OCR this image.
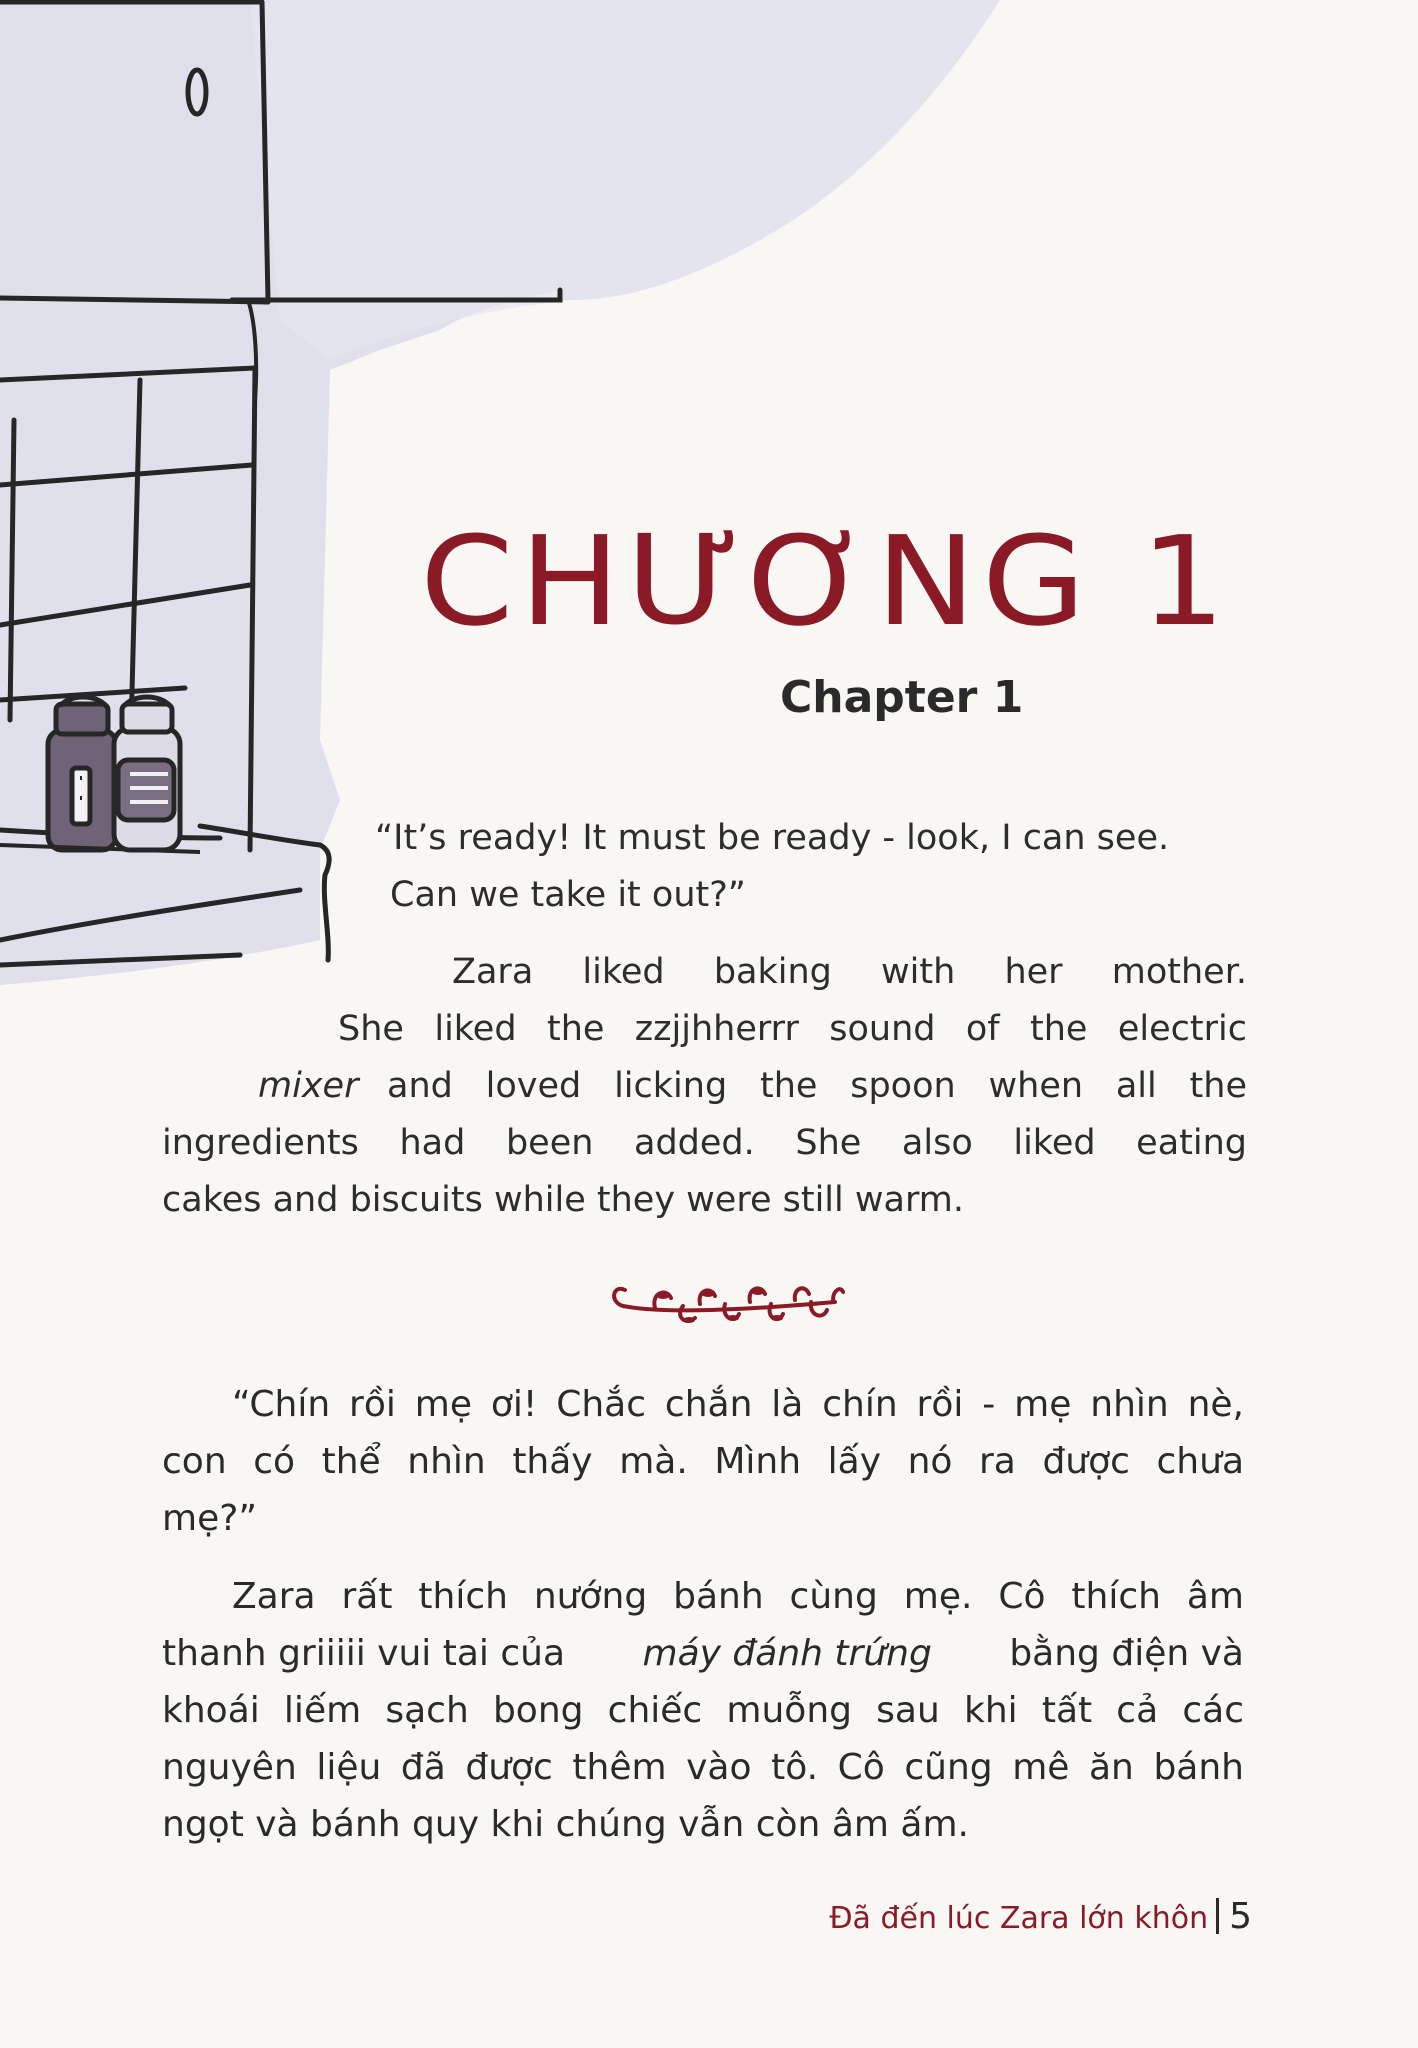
CHƯƠNG 1
Chapter 1
“It’s ready! It must be ready - look, I can see.
Can we take it out?”
Zara liked baking with her mother.
She liked the zzjjhherrr sound of the electric
mixer and loved licking the spoon when all the
ingredients had been added. She also liked eating
cakes and biscuits while they were still warm.
“Chín rồi mẹ ơi! Chắc chắn là chín rồi - mẹ nhìn nè,
con có thể nhìn thấy mà. Mình lấy nó ra được chưa
mẹ?”
Zara rất thích nướng bánh cùng mẹ. Cô thích âm
thanh griiiii vui tai của máy đánh trứng bằng điện và
khoái liếm sạch bong chiếc muỗng sau khi tất cả các
nguyên liệu đã được thêm vào tô. Cô cũng mê ăn bánh
ngọt và bánh quy khi chúng vẫn còn âm ấm.
Đã đến lúc Zara lớn khôn 5
